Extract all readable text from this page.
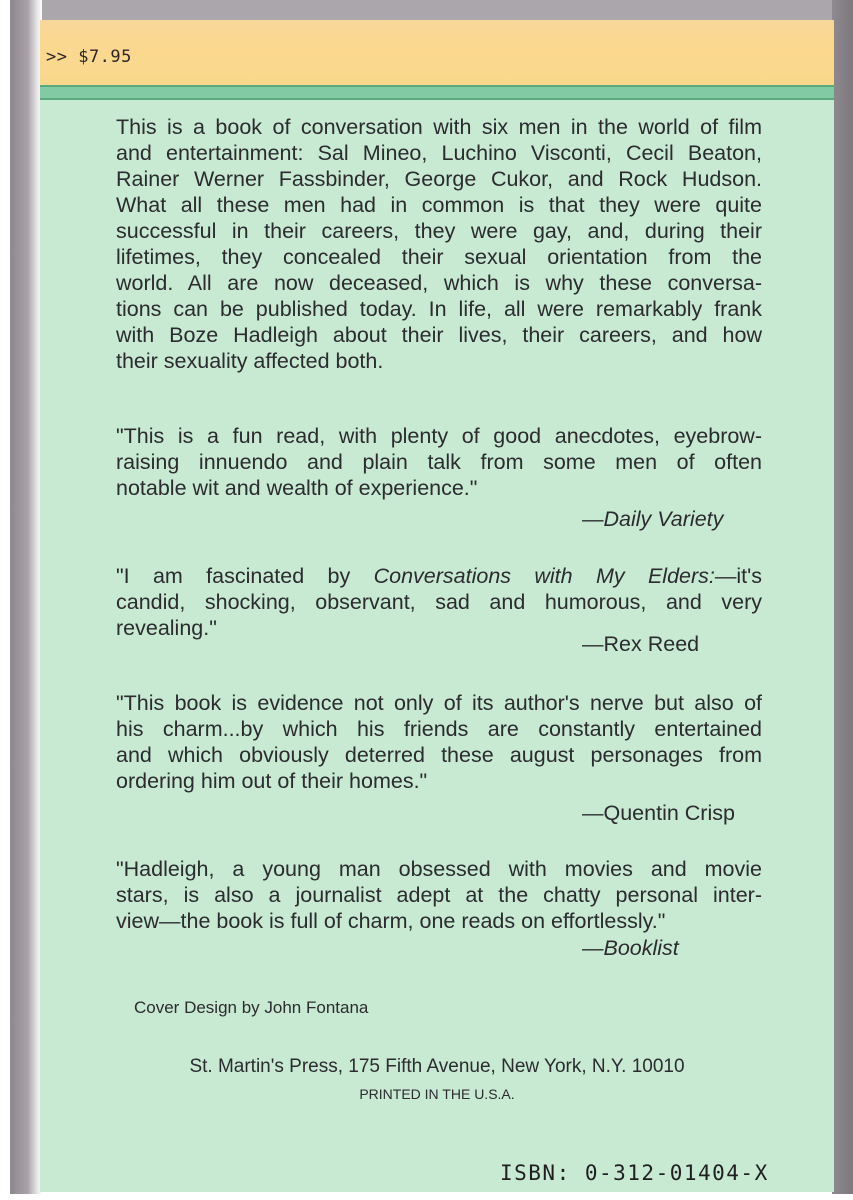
>> $7.95
This is a book of conversation with six men in the world of film
and entertainment: Sal Mineo, Luchino Visconti, Cecil Beaton,
Rainer Werner Fassbinder, George Cukor, and Rock Hudson.
What all these men had in common is that they were quite
successful in their careers, they were gay, and, during their
lifetimes, they concealed their sexual orientation from the
world. All are now deceased, which is why these conversa-
tions can be published today. In life, all were remarkably frank
with Boze Hadleigh about their lives, their careers, and how
their sexuality affected both.
"This is a fun read, with plenty of good anecdotes, eyebrow-
raising innuendo and plain talk from some men of often
notable wit and wealth of experience."
—Daily Variety
"I am fascinated by Conversations with My Elders:—it's
candid, shocking, observant, sad and humorous, and very
revealing."
—Rex Reed
"This book is evidence not only of its author's nerve but also of
his charm...by which his friends are constantly entertained
and which obviously deterred these august personages from
ordering him out of their homes."
—Quentin Crisp
"Hadleigh, a young man obsessed with movies and movie
stars, is also a journalist adept at the chatty personal inter-
view—the book is full of charm, one reads on effortlessly."
—Booklist
Cover Design by John Fontana
St. Martin's Press, 175 Fifth Avenue, New York, N.Y. 10010
PRINTED IN THE U.S.A.
ISBN: 0-312-01404-X
